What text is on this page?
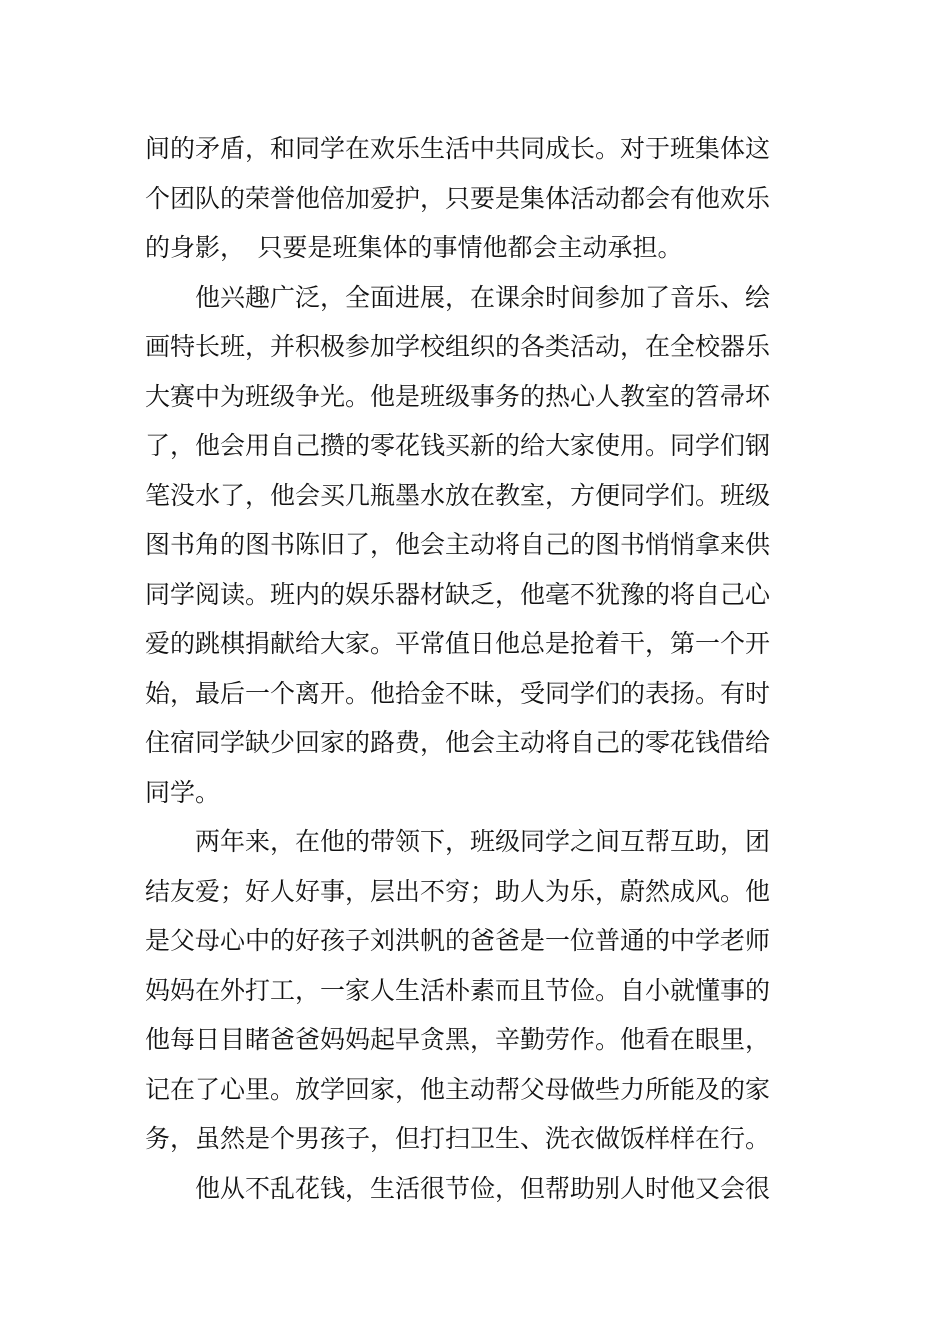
间的矛盾，和同学在欢乐生活中共同成长。对于班集体这
个团队的荣誉他倍加爱护，只要是集体活动都会有他欢乐
的身影，　只要是班集体的事情他都会主动承担。
　　他兴趣广泛，全面进展，在课余时间参加了音乐、绘
画特长班，并积极参加学校组织的各类活动，在全校器乐
大赛中为班级争光。他是班级事务的热心人教室的笤帚坏
了，他会用自己攒的零花钱买新的给大家使用。同学们钢
笔没水了，他会买几瓶墨水放在教室，方便同学们。班级
图书角的图书陈旧了，他会主动将自己的图书悄悄拿来供
同学阅读。班内的娱乐器材缺乏，他毫不犹豫的将自己心
爱的跳棋捐献给大家。平常值日他总是抢着干，第一个开
始，最后一个离开。他拾金不昧，受同学们的表扬。有时
住宿同学缺少回家的路费，他会主动将自己的零花钱借给
同学。
　　两年来，在他的带领下，班级同学之间互帮互助，团
结友爱；好人好事，层出不穷；助人为乐，蔚然成风。他
是父母心中的好孩子刘洪帆的爸爸是一位普通的中学老师
妈妈在外打工，一家人生活朴素而且节俭。自小就懂事的
他每日目睹爸爸妈妈起早贪黑，辛勤劳作。他看在眼里，
记在了心里。放学回家，他主动帮父母做些力所能及的家
务，虽然是个男孩子，但打扫卫生、洗衣做饭样样在行。
　　他从不乱花钱，生活很节俭，但帮助别人时他又会很
